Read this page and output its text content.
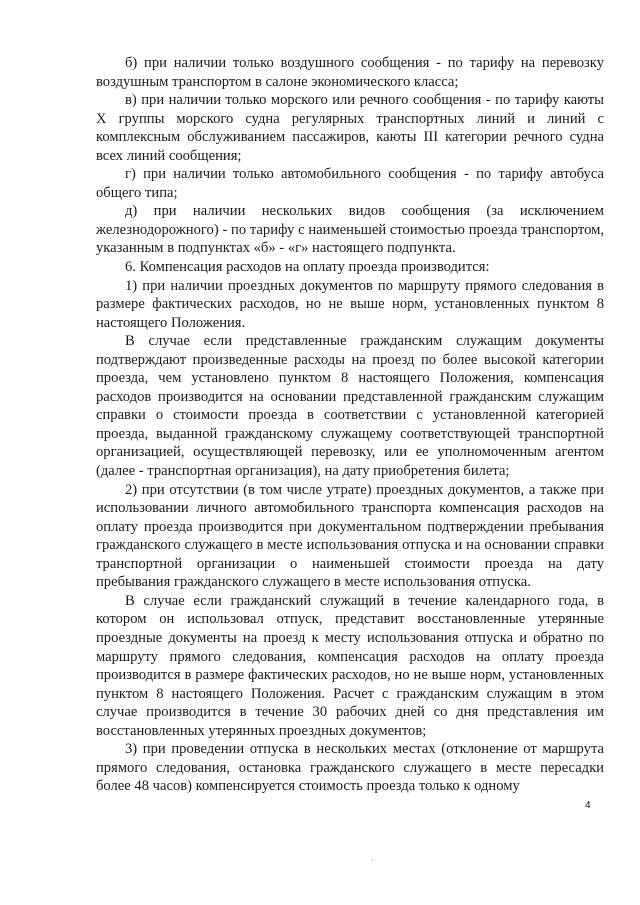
б) при наличии только воздушного сообщения - по тарифу на перевозку воздушным транспортом в салоне экономического класса;

в) при наличии только морского или речного сообщения - по тарифу каюты X группы морского судна регулярных транспортных линий и линий с комплексным обслуживанием пассажиров, каюты III категории речного судна всех линий сообщения;

г) при наличии только автомобильного сообщения - по тарифу автобуса общего типа;

д) при наличии нескольких видов сообщения (за исключением железнодорожного) - по тарифу с наименьшей стоимостью проезда транспортом, указанным в подпунктах «б» - «г» настоящего подпункта.

6. Компенсация расходов на оплату проезда производится:

1) при наличии проездных документов по маршруту прямого следования в размере фактических расходов, но не выше норм, установленных пунктом 8 настоящего Положения.

В случае если представленные гражданским служащим документы подтверждают произведенные расходы на проезд по более высокой категории проезда, чем установлено пунктом 8 настоящего Положения, компенсация расходов производится на основании представленной гражданским служащим справки о стоимости проезда в соответствии с установленной категорией проезда, выданной гражданскому служащему соответствующей транспортной организацией, осуществляющей перевозку, или ее уполномоченным агентом (далее - транспортная организация), на дату приобретения билета;

2) при отсутствии (в том числе утрате) проездных документов, а также при использовании личного автомобильного транспорта компенсация расходов на оплату проезда производится при документальном подтверждении пребывания гражданского служащего в месте использования отпуска и на основании справки транспортной организации о наименьшей стоимости проезда на дату пребывания гражданского служащего в месте использования отпуска.

В случае если гражданский служащий в течение календарного года, в котором он использовал отпуск, представит восстановленные утерянные проездные документы на проезд к месту использования отпуска и обратно по маршруту прямого следования, компенсация расходов на оплату проезда производится в размере фактических расходов, но не выше норм, установленных пунктом 8 настоящего Положения. Расчет с гражданским служащим в этом случае производится в течение 30 рабочих дней со дня представления им восстановленных утерянных проездных документов;

3) при проведении отпуска в нескольких местах (отклонение от маршрута прямого следования, остановка гражданского служащего в месте пересадки более 48 часов) компенсируется стоимость проезда только к одному

4
